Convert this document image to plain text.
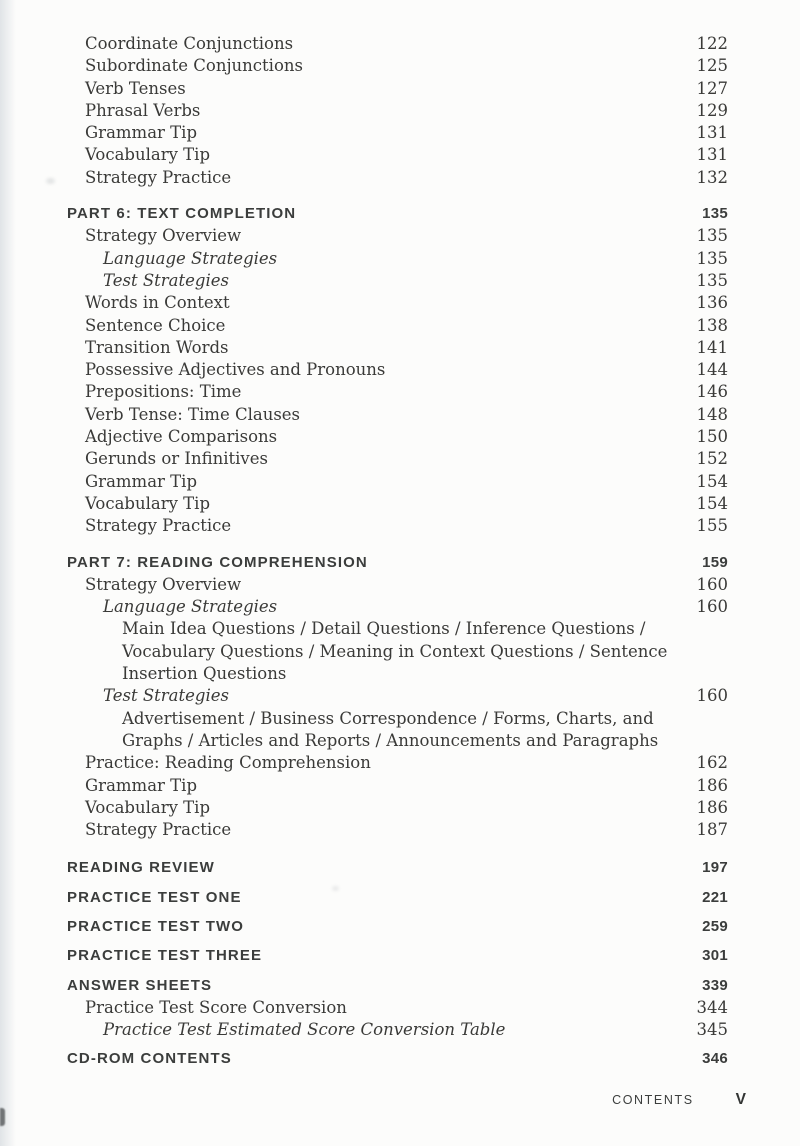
Coordinate Conjunctions	122
Subordinate Conjunctions	125
Verb Tenses	127
Phrasal Verbs	129
Grammar Tip	131
Vocabulary Tip	131
Strategy Practice	132
PART 6: TEXT COMPLETION	135
Strategy Overview	135
Language Strategies	135
Test Strategies	135
Words in Context	136
Sentence Choice	138
Transition Words	141
Possessive Adjectives and Pronouns	144
Prepositions: Time	146
Verb Tense: Time Clauses	148
Adjective Comparisons	150
Gerunds or Infinitives	152
Grammar Tip	154
Vocabulary Tip	154
Strategy Practice	155
PART 7: READING COMPREHENSION	159
Strategy Overview	160
Language Strategies	160
Main Idea Questions / Detail Questions / Inference Questions /
Vocabulary Questions / Meaning in Context Questions / Sentence
Insertion Questions
Test Strategies	160
Advertisement / Business Correspondence / Forms, Charts, and
Graphs / Articles and Reports / Announcements and Paragraphs
Practice: Reading Comprehension	162
Grammar Tip	186
Vocabulary Tip	186
Strategy Practice	187
READING REVIEW	197
PRACTICE TEST ONE	221
PRACTICE TEST TWO	259
PRACTICE TEST THREE	301
ANSWER SHEETS	339
Practice Test Score Conversion	344
Practice Test Estimated Score Conversion Table	345
CD-ROM CONTENTS	346
CONTENTS	V
